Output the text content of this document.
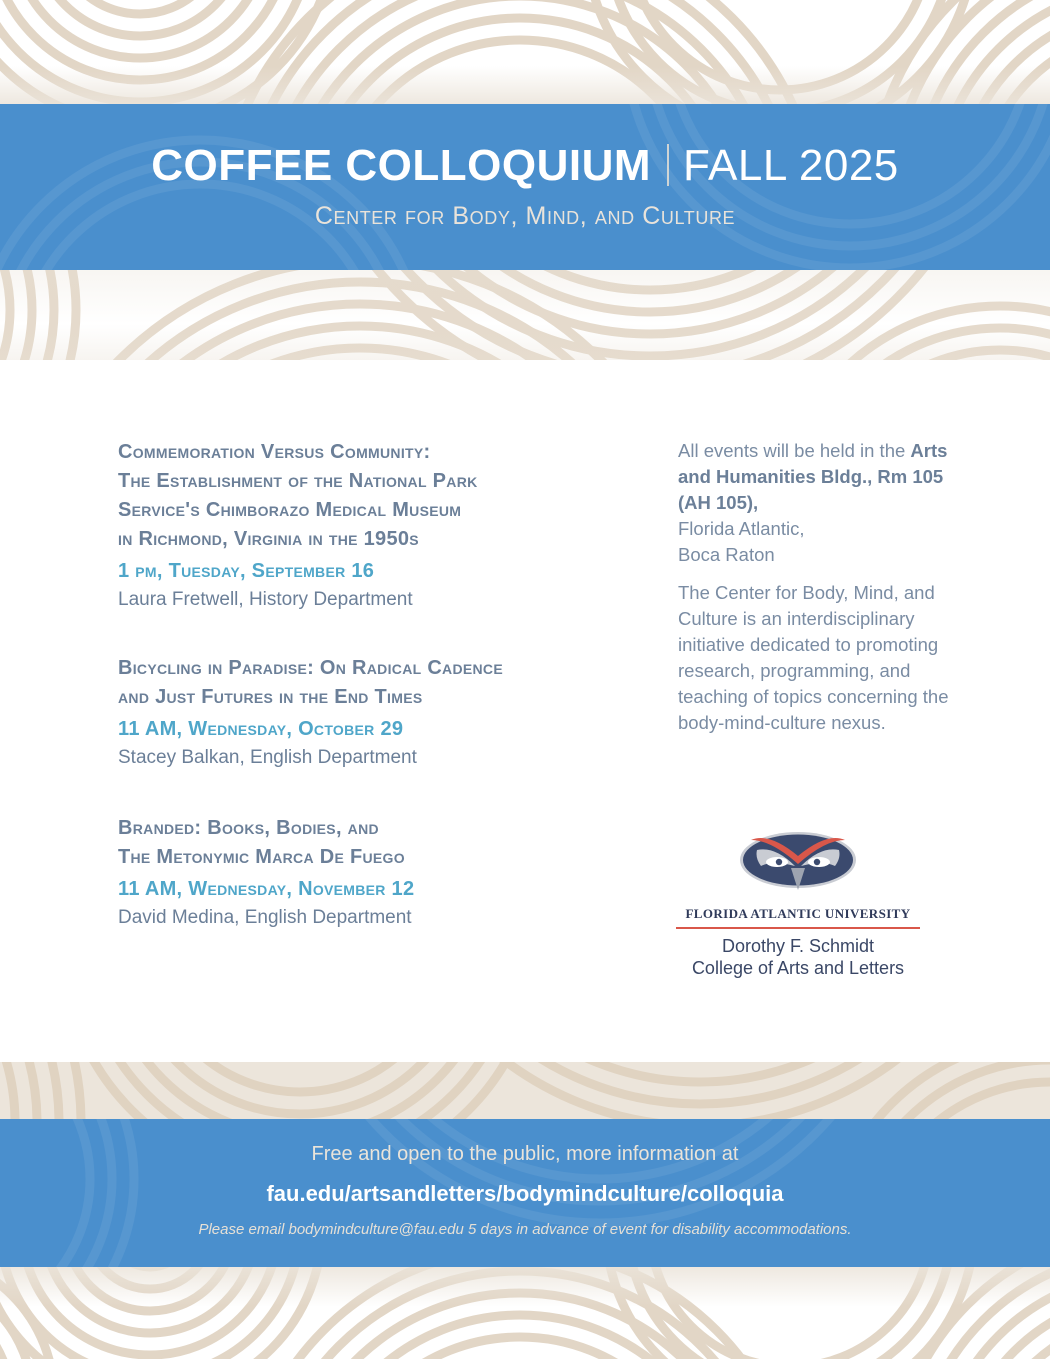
COFFEE COLLOQUIUM FALL 2025
Center for Body, Mind, and Culture
Commemoration Versus Community:
The Establishment of the National Park
Service's Chimborazo Medical Museum
in Richmond, Virginia in the 1950s
1 pm, Tuesday, September 16
Laura Fretwell, History Department
Bicycling in Paradise: On Radical Cadence
and Just Futures in the End Times
11 AM, Wednesday, October 29
Stacey Balkan, English Department
Branded: Books, Bodies, and
The Metonymic Marca De Fuego
11 AM, Wednesday, November 12
David Medina, English Department

All events will be held in the Arts and Humanities Bldg., Rm 105 (AH 105),
Florida Atlantic,
Boca Raton

The Center for Body, Mind, and Culture is an interdisciplinary initiative dedicated to promoting research, programming, and teaching of topics concerning the body-mind-culture nexus.

FLORIDA ATLANTIC UNIVERSITY
Dorothy F. Schmidt
College of Arts and Letters
Free and open to the public, more information at
fau.edu/artsandletters/bodymindculture/colloquia
Please email bodymindculture@fau.edu 5 days in advance of event for disability accommodations.
